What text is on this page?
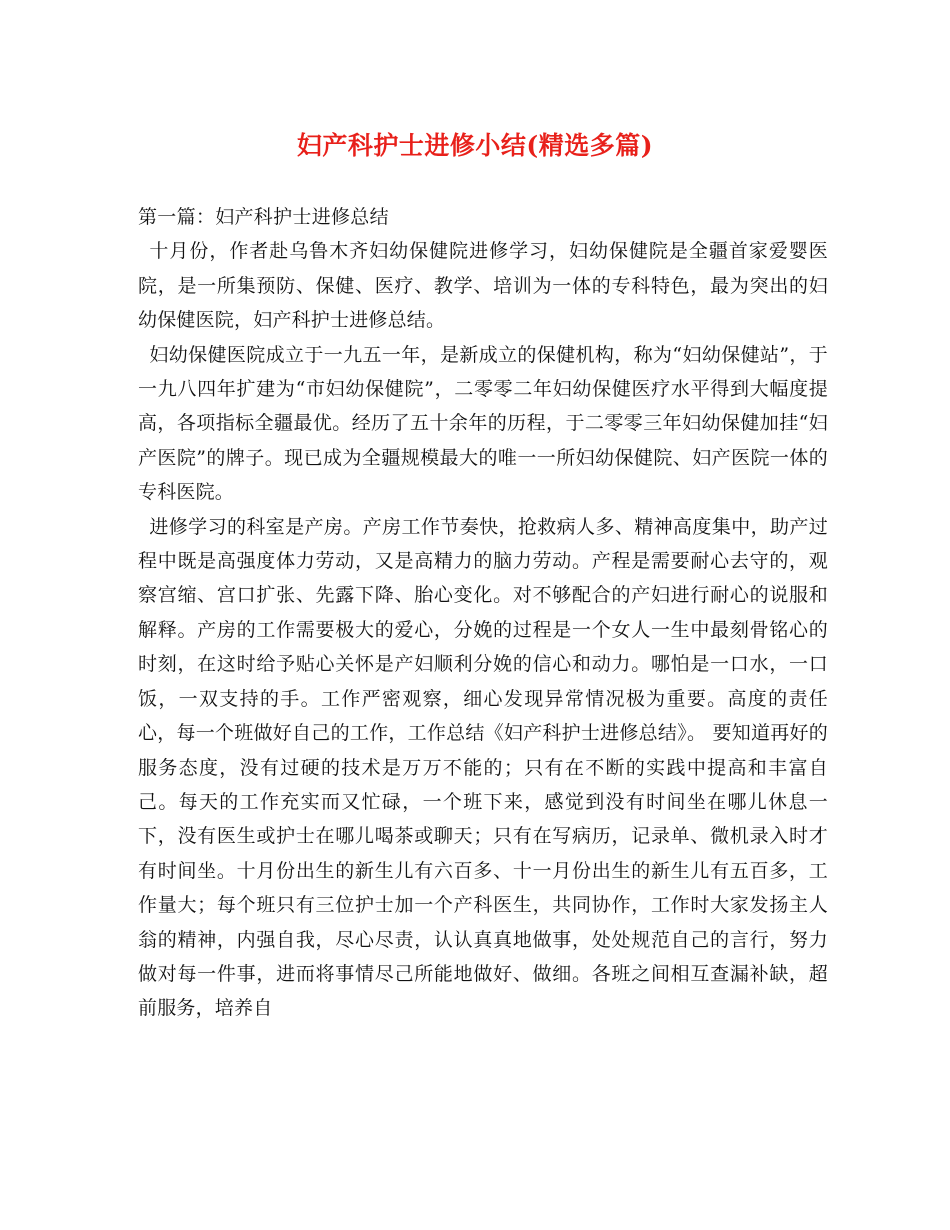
妇产科护士进修小结(精选多篇)

第一篇：妇产科护士进修总结

十月份，作者赴乌鲁木齐妇幼保健院进修学习，妇幼保健院是全疆首家爱婴医院，是一所集预防、保健、医疗、教学、培训为一体的专科特色，最为突出的妇幼保健医院，妇产科护士进修总结。

妇幼保健医院成立于一九五一年，是新成立的保健机构，称为“妇幼保健站”，于一九八四年扩建为“市妇幼保健院”，二零零二年妇幼保健医疗水平得到大幅度提高，各项指标全疆最优。经历了五十余年的历程，于二零零三年妇幼保健加挂“妇产医院”的牌子。现已成为全疆规模最大的唯一一所妇幼保健院、妇产医院一体的专科医院。

进修学习的科室是产房。产房工作节奏快，抢救病人多、精神高度集中，助产过程中既是高强度体力劳动，又是高精力的脑力劳动。产程是需要耐心去守的，观察宫缩、宫口扩张、先露下降、胎心变化。对不够配合的产妇进行耐心的说服和解释。产房的工作需要极大的爱心，分娩的过程是一个女人一生中最刻骨铭心的时刻，在这时给予贴心关怀是产妇顺利分娩的信心和动力。哪怕是一口水，一口饭，一双支持的手。工作严密观察，细心发现异常情况极为重要。高度的责任心，每一个班做好自己的工作，工作总结《妇产科护士进修总结》。 要知道再好的服务态度，没有过硬的技术是万万不能的；只有在不断的实践中提高和丰富自己。每天的工作充实而又忙碌，一个班下来，感觉到没有时间坐在哪儿休息一下，没有医生或护士在哪儿喝茶或聊天；只有在写病历，记录单、微机录入时才有时间坐。十月份出生的新生儿有六百多、十一月份出生的新生儿有五百多，工作量大；每个班只有三位护士加一个产科医生，共同协作，工作时大家发扬主人翁的精神，内强自我，尽心尽责，认认真真地做事，处处规范自己的言行，努力做对每一件事，进而将事情尽己所能地做好、做细。各班之间相互查漏补缺，超前服务，培养自
